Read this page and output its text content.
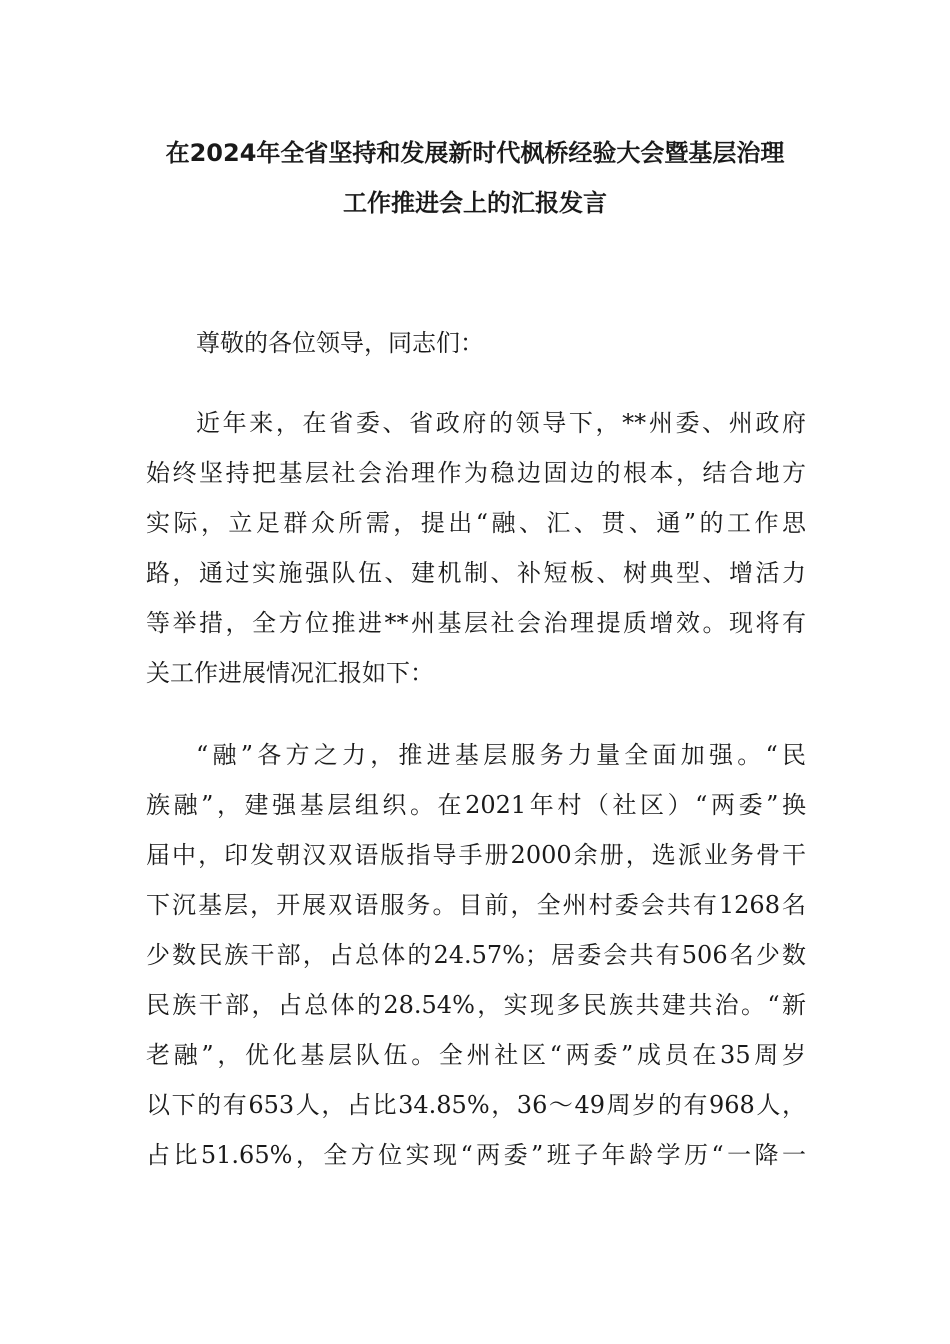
在2024年全省坚持和发展新时代枫桥经验大会暨基层治理
工作推进会上的汇报发言

尊敬的各位领导，同志们：

近年来，在省委、省政府的领导下，**州委、州政府
始终坚持把基层社会治理作为稳边固边的根本，结合地方
实际，立足群众所需，提出“融、汇、贯、通”的工作思
路，通过实施强队伍、建机制、补短板、树典型、增活力
等举措，全方位推进**州基层社会治理提质增效。现将有
关工作进展情况汇报如下：

“融”各方之力，推进基层服务力量全面加强。“民
族融”，建强基层组织。在2021年村（社区）“两委”换
届中，印发朝汉双语版指导手册2000余册，选派业务骨干
下沉基层，开展双语服务。目前，全州村委会共有1268名
少数民族干部，占总体的24.57%；居委会共有506名少数
民族干部，占总体的28.54%，实现多民族共建共治。“新
老融”，优化基层队伍。全州社区“两委”成员在35周岁
以下的有653人，占比34.85%，36～49周岁的有968人，
占比51.65%，全方位实现“两委”班子年龄学历“一降一
